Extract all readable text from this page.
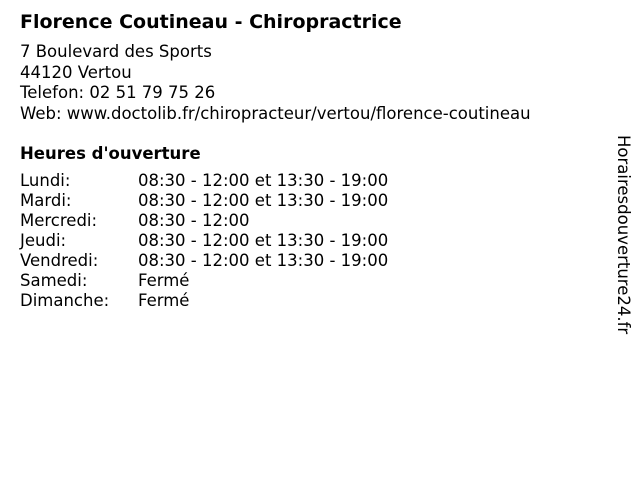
Florence Coutineau - Chiropractrice
7 Boulevard des Sports
44120 Vertou
Telefon: 02 51 79 75 26
Web: www.doctolib.fr/chiropracteur/vertou/florence-coutineau
Heures d'ouverture
Lundi:	08:30 - 12:00 et 13:30 - 19:00
Mardi:	08:30 - 12:00 et 13:30 - 19:00
Mercredi:	08:30 - 12:00
Jeudi:	08:30 - 12:00 et 13:30 - 19:00
Vendredi:	08:30 - 12:00 et 13:30 - 19:00
Samedi:	Fermé
Dimanche:	Fermé	Horairesdouverture24.fr
